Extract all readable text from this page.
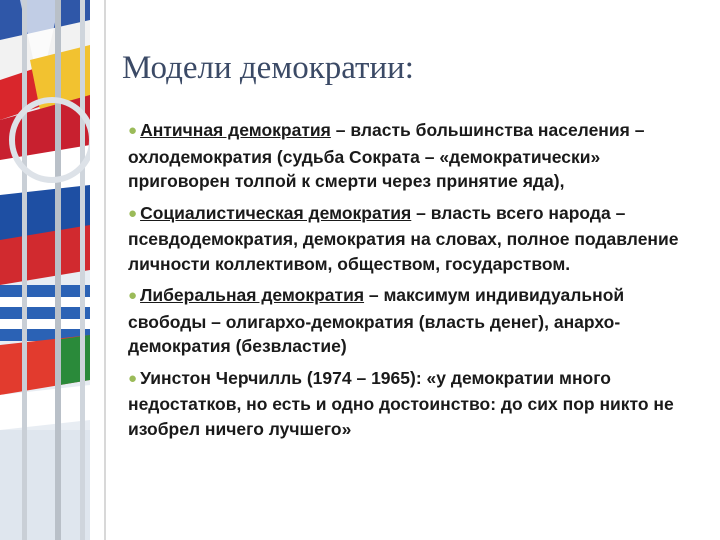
Модели демократии:
● Античная демократия – власть большинства населения – охлодемократия (судьба Сократа – «демократически» приговорен толпой к смерти через принятие яда),
● Социалистическая демократия – власть всего народа – псевдодемократия, демократия на словах, полное подавление личности коллективом, обществом, государством.
● Либеральная демократия – максимум индивидуальной свободы – олигархо-демократия (власть денег), анархо-демократия (безвластие)
● Уинстон Черчилль (1974 – 1965): «у демократии много недостатков, но есть и одно достоинство: до сих пор никто не изобрел ничего лучшего»
